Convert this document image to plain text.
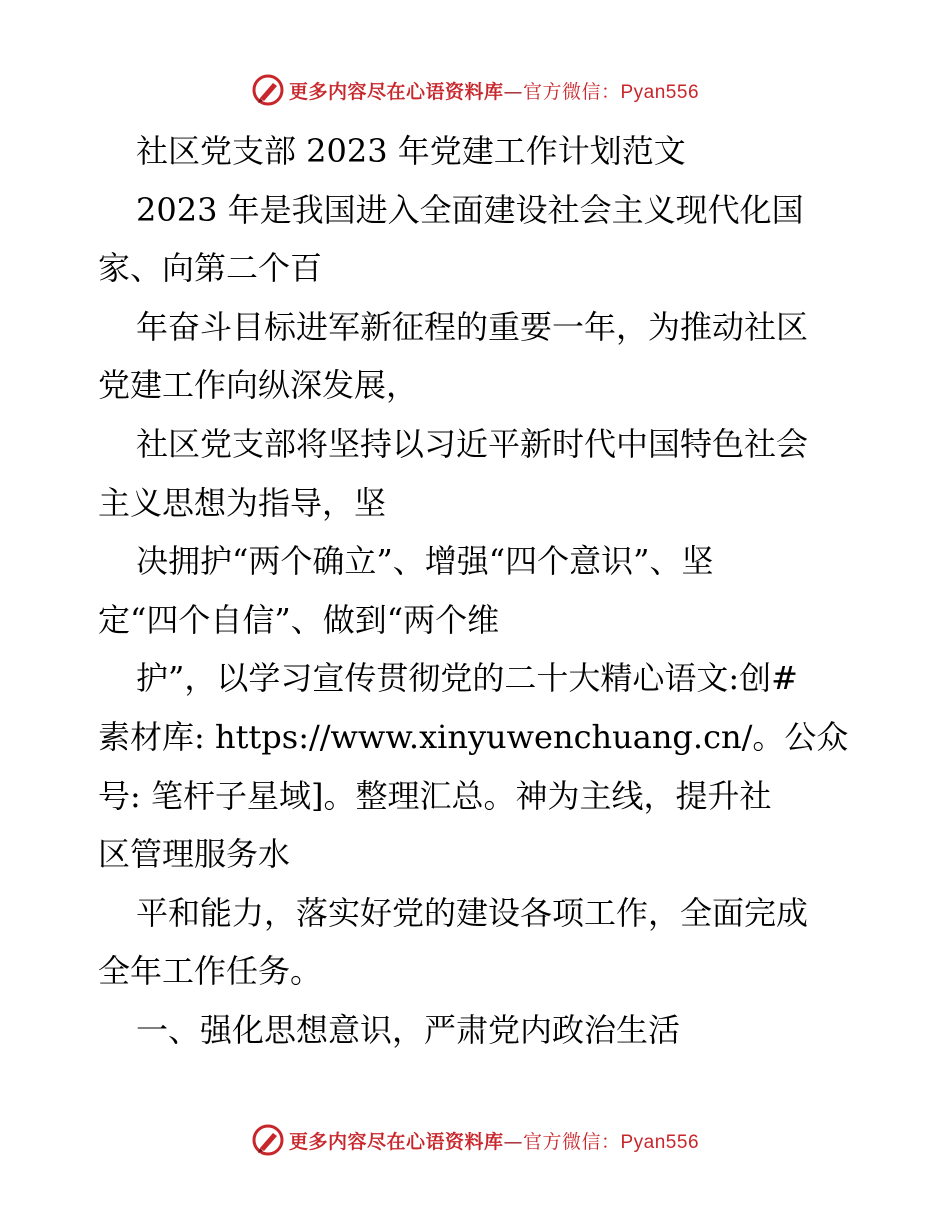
更多内容尽在心语资料库—官方微信：Pyan556
社区党支部 2023 年党建工作计划范文
2023 年是我国进入全面建设社会主义现代化国
家、向第二个百
年奋斗目标进军新征程的重要一年，为推动社区
党建工作向纵深发展，
社区党支部将坚持以习近平新时代中国特色社会
主义思想为指导，坚
决拥护“两个确立”、增强“四个意识”、坚
定“四个自信”、做到“两个维
护”，以学习宣传贯彻党的二十大精心语文:创#
素材库: https://www.xinyuwenchuang.cn/。公众
号: 笔杆子星域]。整理汇总。神为主线，提升社
区管理服务水
平和能力，落实好党的建设各项工作，全面完成
全年工作任务。
一、强化思想意识，严肃党内政治生活
更多内容尽在心语资料库—官方微信：Pyan556
